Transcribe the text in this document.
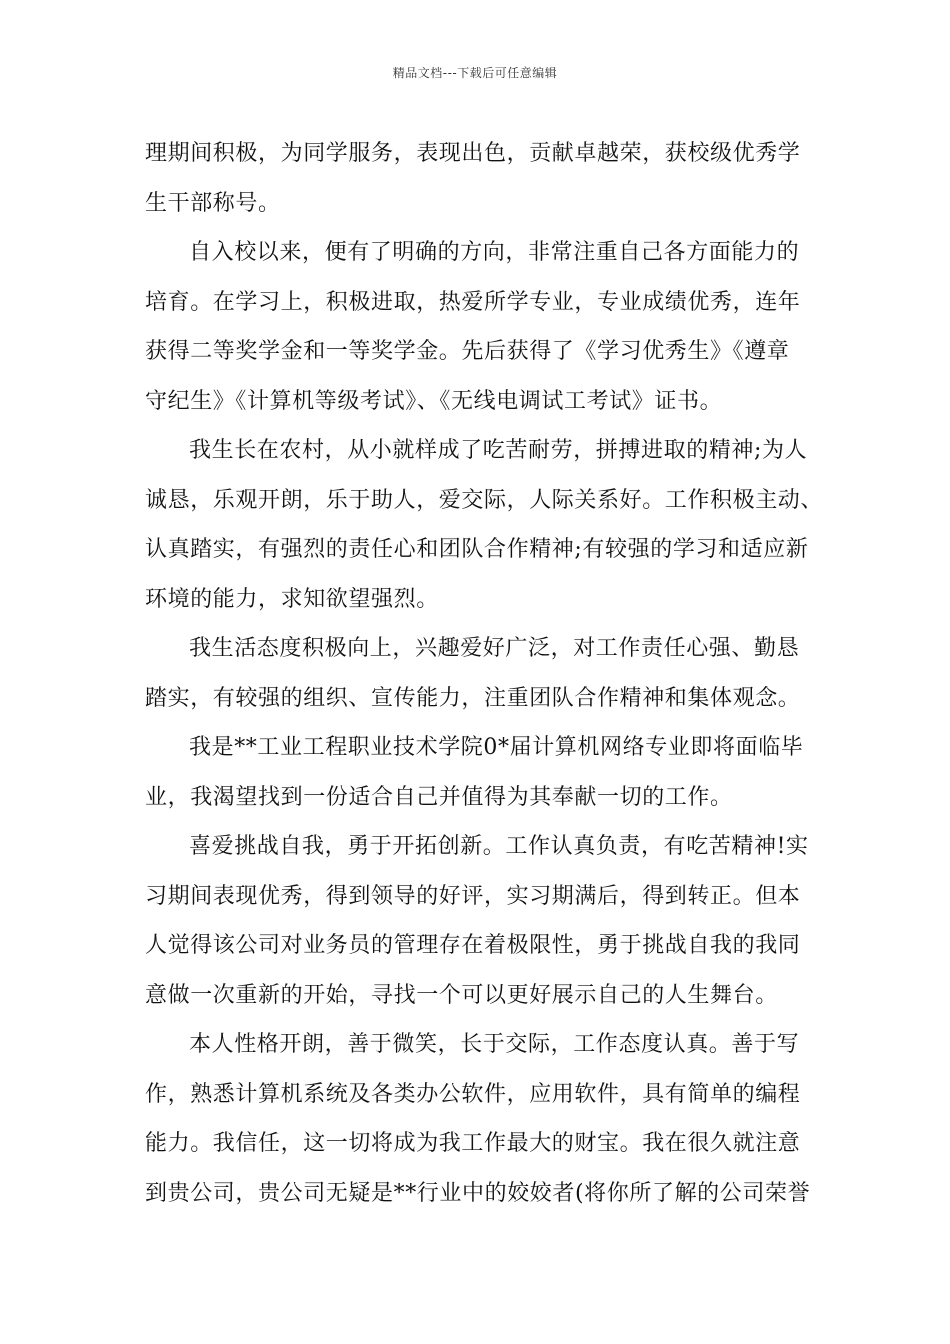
精品文档---下载后可任意编辑
理期间积极，为同学服务，表现出色，贡献卓越荣，获校级优秀学
生干部称号。
自入校以来，便有了明确的方向，非常注重自己各方面能力的
培育。在学习上，积极进取，热爱所学专业，专业成绩优秀，连年
获得二等奖学金和一等奖学金。先后获得了《学习优秀生》《遵章
守纪生》《计算机等级考试》、《无线电调试工考试》证书。
我生长在农村，从小就样成了吃苦耐劳，拼搏进取的精神;为人
诚恳，乐观开朗，乐于助人，爱交际，人际关系好。工作积极主动、
认真踏实，有强烈的责任心和团队合作精神;有较强的学习和适应新
环境的能力，求知欲望强烈。
我生活态度积极向上，兴趣爱好广泛，对工作责任心强、勤恳
踏实，有较强的组织、宣传能力，注重团队合作精神和集体观念。
我是**工业工程职业技术学院0*届计算机网络专业即将面临毕
业，我渴望找到一份适合自己并值得为其奉献一切的工作。
喜爱挑战自我，勇于开拓创新。工作认真负责，有吃苦精神!实
习期间表现优秀，得到领导的好评，实习期满后，得到转正。但本
人觉得该公司对业务员的管理存在着极限性，勇于挑战自我的我同
意做一次重新的开始，寻找一个可以更好展示自己的人生舞台。
本人性格开朗，善于微笑，长于交际，工作态度认真。善于写
作，熟悉计算机系统及各类办公软件，应用软件，具有简单的编程
能力。我信任，这一切将成为我工作最大的财宝。我在很久就注意
到贵公司，贵公司无疑是**行业中的姣姣者(将你所了解的公司荣誉
